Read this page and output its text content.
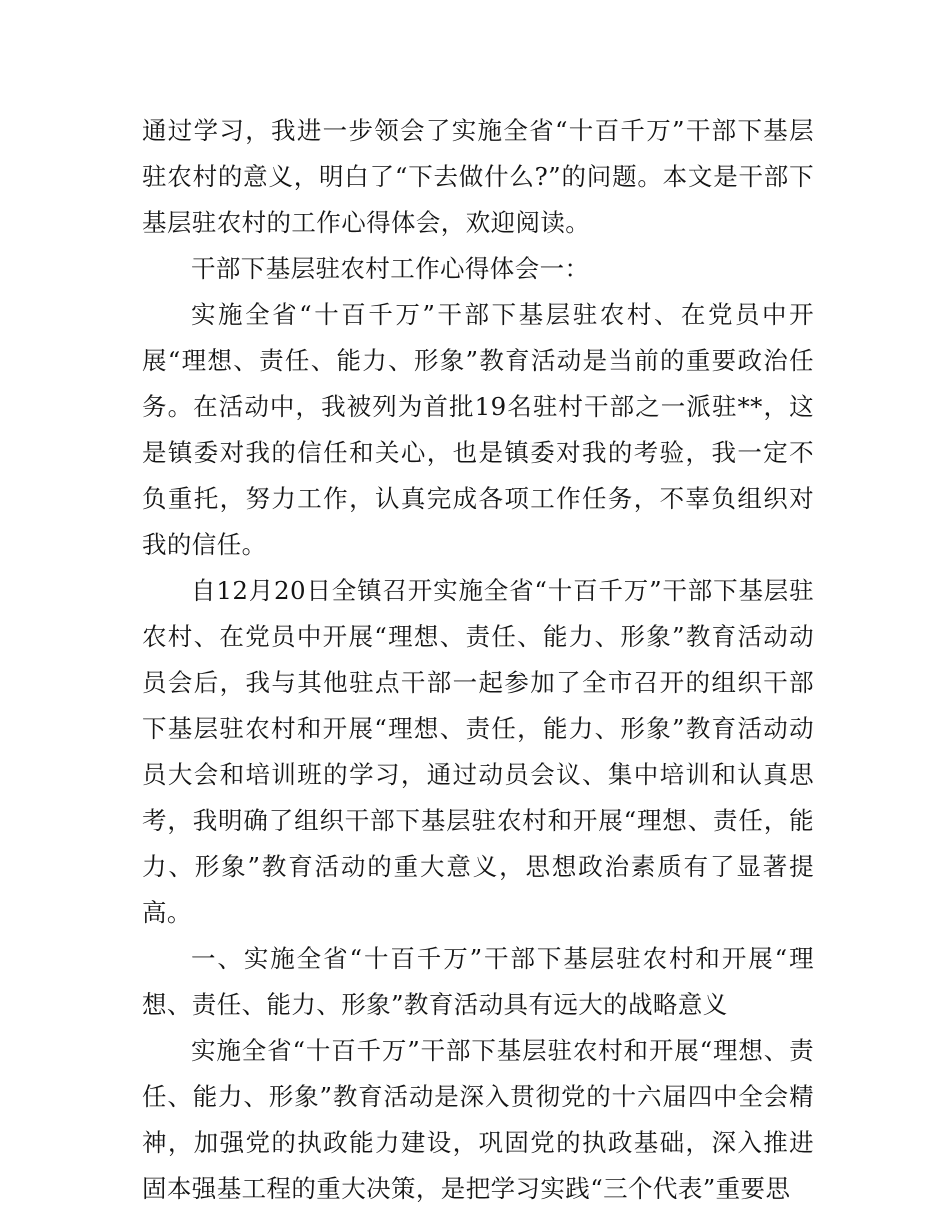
通过学习，我进一步领会了实施全省“十百千万”干部下基层驻农村的意义，明白了“下去做什么?”的问题。本文是干部下基层驻农村的工作心得体会，欢迎阅读。

干部下基层驻农村工作心得体会一：

实施全省“十百千万”干部下基层驻农村、在党员中开展“理想、责任、能力、形象”教育活动是当前的重要政治任务。在活动中，我被列为首批19名驻村干部之一派驻**，这是镇委对我的信任和关心，也是镇委对我的考验，我一定不负重托，努力工作，认真完成各项工作任务，不辜负组织对我的信任。

自12月20日全镇召开实施全省“十百千万”干部下基层驻农村、在党员中开展“理想、责任、能力、形象”教育活动动员会后，我与其他驻点干部一起参加了全市召开的组织干部下基层驻农村和开展“理想、责任，能力、形象”教育活动动员大会和培训班的学习，通过动员会议、集中培训和认真思考，我明确了组织干部下基层驻农村和开展“理想、责任，能力、形象”教育活动的重大意义，思想政治素质有了显著提高。

一、实施全省“十百千万”干部下基层驻农村和开展“理想、责任、能力、形象”教育活动具有远大的战略意义

实施全省“十百千万”干部下基层驻农村和开展“理想、责任、能力、形象”教育活动是深入贯彻党的十六届四中全会精神，加强党的执政能力建设，巩固党的执政基础，深入推进固本强基工程的重大决策，是把学习实践“三个代表”重要思
